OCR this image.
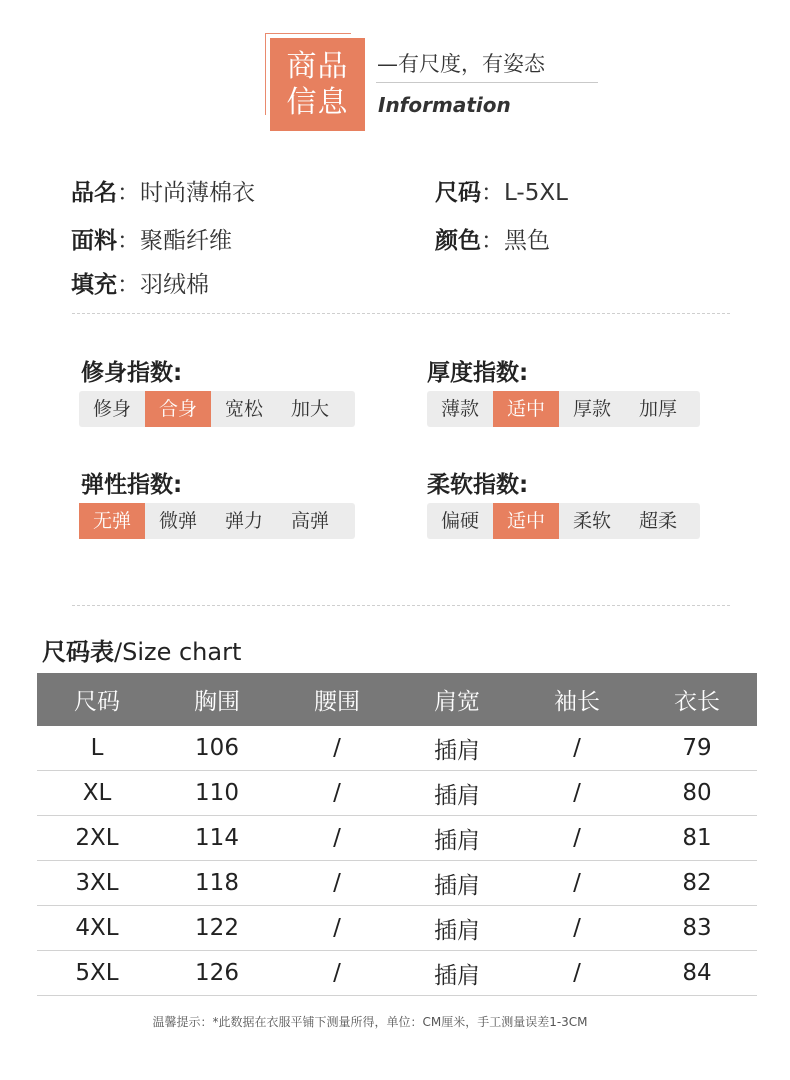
商品
信息
—有尺度，有姿态
Information
品名：时尚薄棉衣	尺码：L-5XL
面料：聚酯纤维	颜色：黑色
填充：羽绒棉
修身指数:
修身	合身	宽松	加大
厚度指数:
薄款	适中	厚款	加厚
弹性指数:
无弹	微弹	弹力	高弹
柔软指数:
偏硬	适中	柔软	超柔
尺码表/Size chart
尺码	胸围	腰围	肩宽	袖长	衣长
L	106	/	插肩	/	79
XL	110	/	插肩	/	80
2XL	114	/	插肩	/	81
3XL	118	/	插肩	/	82
4XL	122	/	插肩	/	83
5XL	126	/	插肩	/	84
温馨提示：*此数据在衣服平铺下测量所得，单位：CM厘米，手工测量误差1-3CM
